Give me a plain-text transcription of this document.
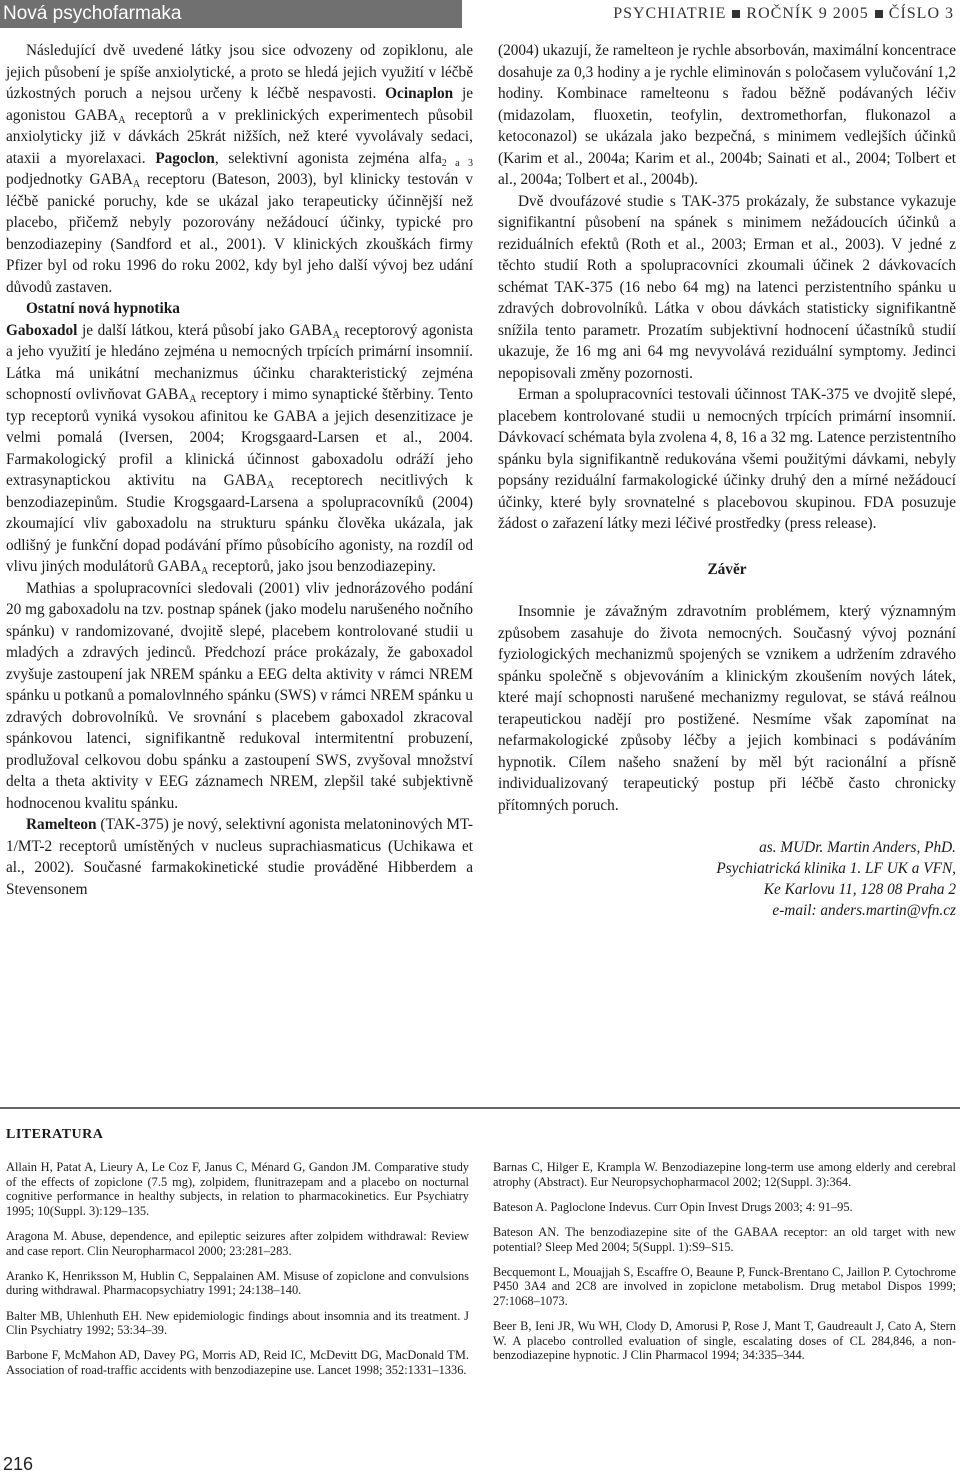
Nová psychofarmaka	PSYCHIATRIE ROČNÍK 9 2005 ČÍSLO 3

Následující dvě uvedené látky jsou sice odvozeny od zopiklonu, ale jejich působení je spíše anxiolytické, a proto se hledá jejich využití v léčbě úzkostných poruch a nejsou určeny k léčbě nespavosti. Ocinaplon je agonistou $GABA_A$ receptorů a v preklinických experimentech působil anxiolyticky již v dávkách 25krát nižších, než které vyvolávaly sedaci, ataxii a myorelaxaci. Pagoclon, selektivní agonista zejména alfa$_{2 a 3}$ podjednotky $GABA_A$ receptoru (Bateson, 2003), byl klinicky testován v léčbě panické poruchy, kde se ukázal jako terapeuticky účinnější než placebo, přičemž nebyly pozorovány nežádoucí účinky, typické pro benzodiazepiny (Sandford et al., 2001). V klinických zkouškách firmy Pfizer byl od roku 1996 do roku 2002, kdy byl jeho další vývoj bez udání důvodů zastaven.

Ostatní nová hypnotika

Gaboxadol je další látkou, která působí jako $GABA_A$ receptorový agonista a jeho využití je hledáno zejména u nemocných trpících primární insomnií. Látka má unikátní mechanizmus účinku charakteristický zejména schopností ovlivňovat $GABA_A$ receptory i mimo synaptické štěrbiny. Tento typ receptorů vyniká vysokou afinitou ke GABA a jejich desenzitizace je velmi pomalá (Iversen, 2004; Krogsgaard-Larsen et al., 2004. Farmakologický profil a klinická účinnost gaboxadolu odráží jeho extrasynaptickou aktivitu na $GABA_A$ receptorech necitlivých k benzodiazepinům. Studie Krogsgaard-Larsena a spolupracovníků (2004) zkoumající vliv gaboxadolu na strukturu spánku člověka ukázala, jak odlišný je funkční dopad podávání přímo působícího agonisty, na rozdíl od vlivu jiných modulátorů $GABA_A$ receptorů, jako jsou benzodiazepiny.

Mathias a spolupracovníci sledovali (2001) vliv jednorázového podání 20 mg gaboxadolu na tzv. postnap spánek (jako modelu narušeného nočního spánku) v randomizované, dvojitě slepé, placebem kontrolované studii u mladých a zdravých jedinců. Předchozí práce prokázaly, že gaboxadol zvyšuje zastoupení jak NREM spánku a EEG delta aktivity v rámci NREM spánku u potkanů a pomalovlnného spánku (SWS) v rámci NREM spánku u zdravých dobrovolníků. Ve srovnání s placebem gaboxadol zkracoval spánkovou latenci, signifikantně redukoval intermitentní probuzení, prodlužoval celkovou dobu spánku a zastoupení SWS, zvyšoval množství delta a theta aktivity v EEG záznamech NREM, zlepšil také subjektivně hodnocenou kvalitu spánku.

Ramelteon (TAK-375) je nový, selektivní agonista melatoninových MT-1/MT-2 receptorů umístěných v nucleus suprachiasmaticus (Uchikawa et al., 2002). Současné farmakokinetické studie prováděné Hibberdem a Stevensonem

(2004) ukazují, že ramelteon je rychle absorbován, maximální koncentrace dosahuje za 0,3 hodiny a je rychle eliminován s poločasem vylučování 1,2 hodiny. Kombinace ramelteonu s řadou běžně podávaných léčiv (midazolam, fluoxetin, teofylin, dextromethorfan, flukonazol a ketoconazol) se ukázala jako bezpečná, s minimem vedlejších účinků (Karim et al., 2004a; Karim et al., 2004b; Sainati et al., 2004; Tolbert et al., 2004a; Tolbert et al., 2004b).

Dvě dvoufázové studie s TAK-375 prokázaly, že substance vykazuje signifikantní působení na spánek s minimem nežádoucích účinků a reziduálních efektů (Roth et al., 2003; Erman et al., 2003). V jedné z těchto studií Roth a spolupracovníci zkoumali účinek 2 dávkovacích schémat TAK-375 (16 nebo 64 mg) na latenci perzistentního spánku u zdravých dobrovolníků. Látka v obou dávkách statisticky signifikantně snížila tento parametr. Prozatím subjektivní hodnocení účastníků studií ukazuje, že 16 mg ani 64 mg nevyvolává reziduální symptomy. Jedinci nepopisovali změny pozornosti.

Erman a spolupracovníci testovali účinnost TAK-375 ve dvojitě slepé, placebem kontrolované studii u nemocných trpících primární insomnií. Dávkovací schémata byla zvolena 4, 8, 16 a 32 mg. Latence perzistentního spánku byla signifikantně redukována všemi použitými dávkami, nebyly popsány reziduální farmakologické účinky druhý den a mírné nežádoucí účinky, které byly srovnatelné s placebovou skupinou. FDA posuzuje žádost o zařazení látky mezi léčivé prostředky (press release).

Závěr

Insomnie je závažným zdravotním problémem, který významným způsobem zasahuje do života nemocných. Současný vývoj poznání fyziologických mechanizmů spojených se vznikem a udržením zdravého spánku společně s objevováním a klinickým zkoušením nových látek, které mají schopnosti narušené mechanizmy regulovat, se stává reálnou terapeutickou nadějí pro postižené. Nesmíme však zapomínat na nefarmakologické způsoby léčby a jejich kombinaci s podáváním hypnotik. Cílem našeho snažení by měl být racionální a přísně individualizovaný terapeutický postup při léčbě často chronicky přítomných poruch.

as. MUDr. Martin Anders, PhD.
Psychiatrická klinika 1. LF UK a VFN,
Ke Karlovu 11, 128 08 Praha 2
e-mail: anders.martin@vfn.cz
LITERATURA

Allain H, Patat A, Lieury A, Le Coz F, Janus C, Ménard G, Gandon JM. Comparative study of the effects of zopiclone (7.5 mg), zolpidem, flunitrazepam and a placebo on nocturnal cognitive performance in healthy subjects, in relation to pharmacokinetics. Eur Psychiatry 1995; 10(Suppl. 3):129–135.

Aragona M. Abuse, dependence, and epileptic seizures after zolpidem withdrawal: Review and case report. Clin Neuropharmacol 2000; 23:281–283.

Aranko K, Henriksson M, Hublin C, Seppalainen AM. Misuse of zopiclone and convulsions during withdrawal. Pharmacopsychiatry 1991; 24:138–140.

Balter MB, Uhlenhuth EH. New epidemiologic findings about insomnia and its treatment. J Clin Psychiatry 1992; 53:34–39.

Barbone F, McMahon AD, Davey PG, Morris AD, Reid IC, McDevitt DG, MacDonald TM. Association of road-traffic accidents with benzodiazepine use. Lancet 1998; 352:1331–1336.

Barnas C, Hilger E, Krampla W. Benzodiazepine long-term use among elderly and cerebral atrophy (Abstract). Eur Neuropsychopharmacol 2002; 12(Suppl. 3):364.

Bateson A. Pagloclone Indevus. Curr Opin Invest Drugs 2003; 4: 91–95.

Bateson AN. The benzodiazepine site of the GABAA receptor: an old target with new potential? Sleep Med 2004; 5(Suppl. 1):S9–S15.

Becquemont L, Mouajjah S, Escaffre O, Beaune P, Funck-Brentano C, Jaillon P. Cytochrome P450 3A4 and 2C8 are involved in zopiclone metabolism. Drug metabol Dispos 1999; 27:1068–1073.

Beer B, Ieni JR, Wu WH, Clody D, Amorusi P, Rose J, Mant T, Gaudreault J, Cato A, Stern W. A placebo controlled evaluation of single, escalating doses of CL 284,846, a non-benzodiazepine hypnotic. J Clin Pharmacol 1994; 34:335–344.

216
